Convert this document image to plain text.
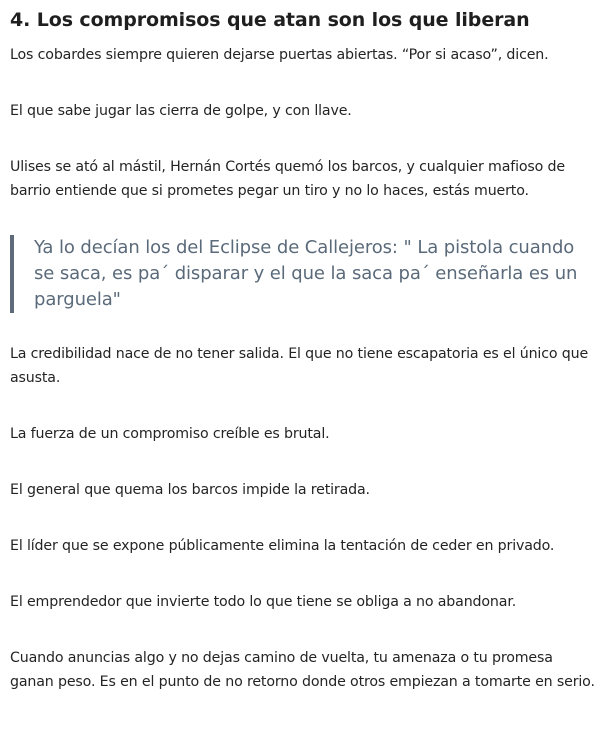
4. Los compromisos que atan son los que liberan

Los cobardes siempre quieren dejarse puertas abiertas. “Por si acaso”, dicen.

El que sabe jugar las cierra de golpe, y con llave.

Ulises se ató al mástil, Hernán Cortés quemó los barcos, y cualquier mafioso de barrio entiende que si prometes pegar un tiro y no lo haces, estás muerto.

Ya lo decían los del Eclipse de Callejeros: " La pistola cuando se saca, es pa´ disparar y el que la saca pa´ enseñarla es un parguela"

La credibilidad nace de no tener salida. El que no tiene escapatoria es el único que asusta.

La fuerza de un compromiso creíble es brutal.

El general que quema los barcos impide la retirada.

El líder que se expone públicamente elimina la tentación de ceder en privado.

El emprendedor que invierte todo lo que tiene se obliga a no abandonar.

Cuando anuncias algo y no dejas camino de vuelta, tu amenaza o tu promesa ganan peso. Es en el punto de no retorno donde otros empiezan a tomarte en serio.
